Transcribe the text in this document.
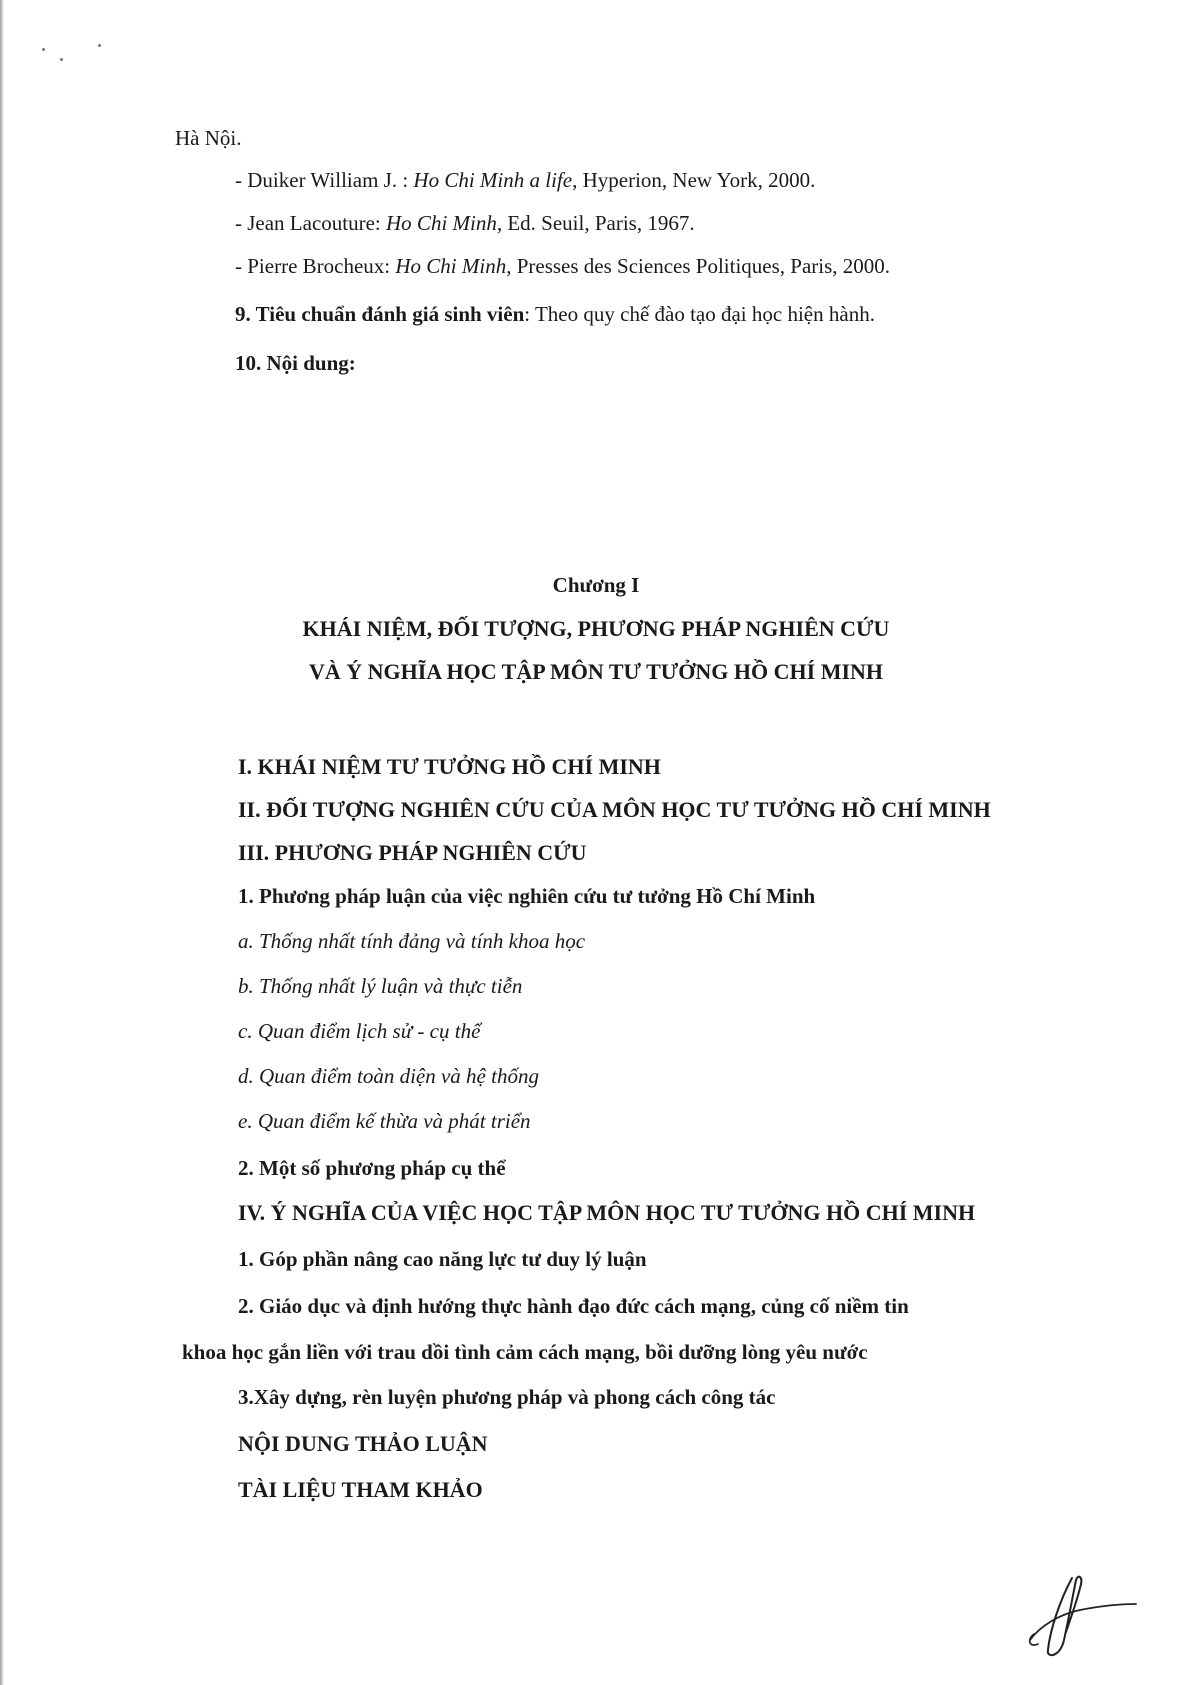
Hà Nội.
- Duiker William J. : Ho Chi Minh a life, Hyperion, New York, 2000.
- Jean Lacouture: Ho Chi Minh, Ed. Seuil, Paris, 1967.
- Pierre Brocheux: Ho Chi Minh, Presses des Sciences Politiques, Paris, 2000.
9. Tiêu chuẩn đánh giá sinh viên: Theo quy chế đào tạo đại học hiện hành.
10. Nội dung:
Chương I
KHÁI NIỆM, ĐỐI TƯỢNG, PHƯƠNG PHÁP NGHIÊN CỨU
VÀ Ý NGHĨA HỌC TẬP MÔN TƯ TƯỞNG HỒ CHÍ MINH
I. KHÁI NIỆM TƯ TƯỞNG HỒ CHÍ MINH
II. ĐỐI TƯỢNG NGHIÊN CỨU CỦA MÔN HỌC TƯ TƯỞNG HỒ CHÍ MINH
III. PHƯƠNG PHÁP NGHIÊN CỨU
1. Phương pháp luận của việc nghiên cứu tư tưởng Hồ Chí Minh
a. Thống nhất tính đảng và tính khoa học
b. Thống nhất lý luận và thực tiễn
c. Quan điểm lịch sử - cụ thể
d. Quan điểm toàn diện và hệ thống
e. Quan điểm kế thừa và phát triển
2. Một số phương pháp cụ thể
IV. Ý NGHĨA CỦA VIỆC HỌC TẬP MÔN HỌC TƯ TƯỞNG HỒ CHÍ MINH
1. Góp phần nâng cao năng lực tư duy lý luận
2. Giáo dục và định hướng thực hành đạo đức cách mạng, củng cố niềm tin
khoa học gắn liền với trau dồi tình cảm cách mạng, bồi dưỡng lòng yêu nước
3.Xây dựng, rèn luyện phương pháp và phong cách công tác
NỘI DUNG THẢO LUẬN
TÀI LIỆU THAM KHẢO
